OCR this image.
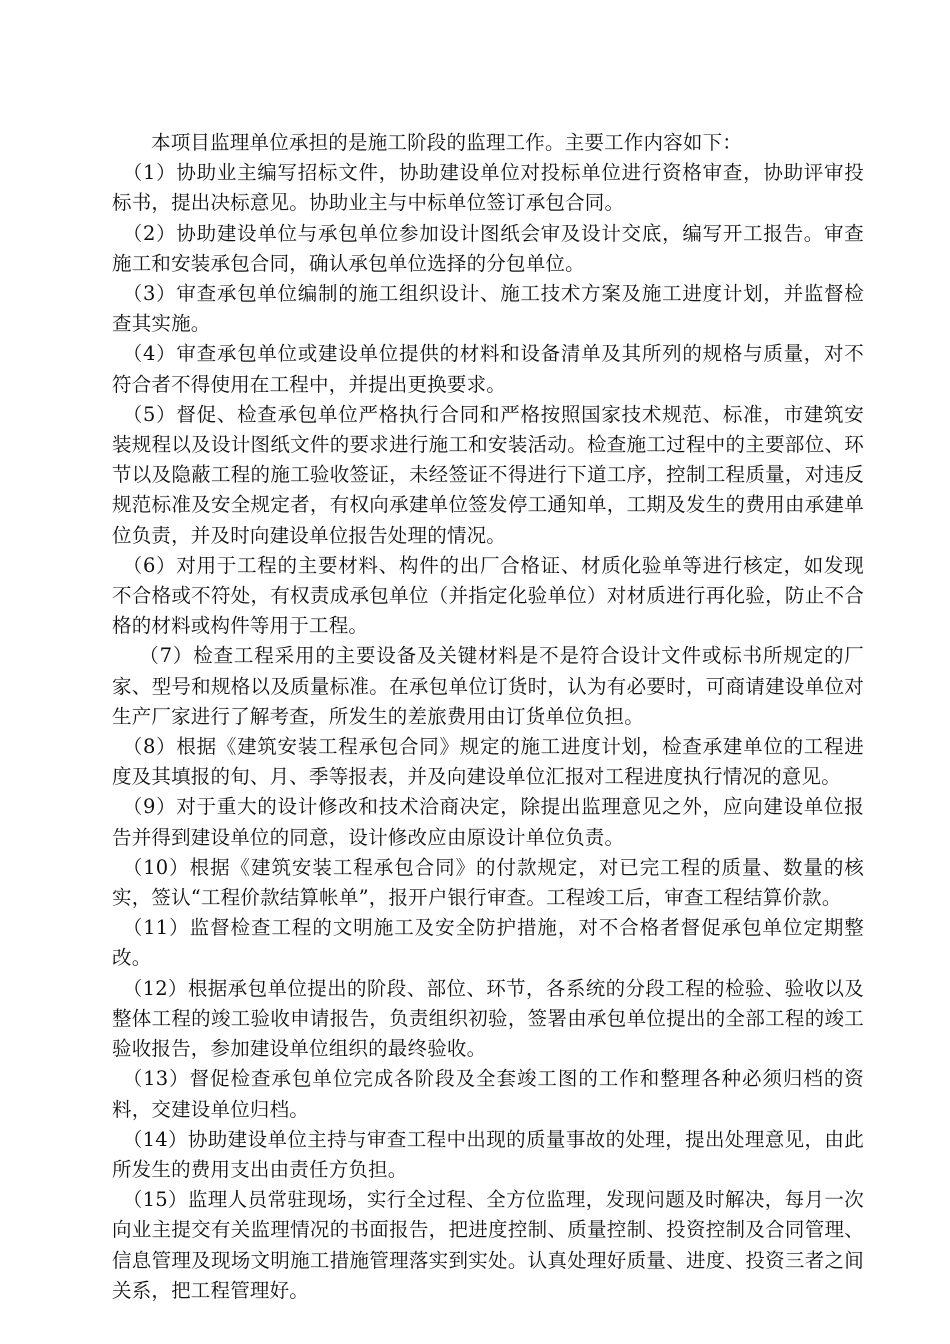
本项目监理单位承担的是施工阶段的监理工作。主要工作内容如下：

（1）协助业主编写招标文件，协助建设单位对投标单位进行资格审查，协助评审投标书，提出决标意见。协助业主与中标单位签订承包合同。

（2）协助建设单位与承包单位参加设计图纸会审及设计交底，编写开工报告。审查施工和安装承包合同，确认承包单位选择的分包单位。

（3）审查承包单位编制的施工组织设计、施工技术方案及施工进度计划，并监督检查其实施。

（4）审查承包单位或建设单位提供的材料和设备清单及其所列的规格与质量，对不符合者不得使用在工程中，并提出更换要求。

（5）督促、检查承包单位严格执行合同和严格按照国家技术规范、标准，市建筑安装规程以及设计图纸文件的要求进行施工和安装活动。检查施工过程中的主要部位、环节以及隐蔽工程的施工验收签证，未经签证不得进行下道工序，控制工程质量，对违反规范标准及安全规定者，有权向承建单位签发停工通知单，工期及发生的费用由承建单位负责，并及时向建设单位报告处理的情况。

（6）对用于工程的主要材料、构件的出厂合格证、材质化验单等进行核定，如发现不合格或不符处，有权责成承包单位（并指定化验单位）对材质进行再化验，防止不合格的材料或构件等用于工程。

（7）检查工程采用的主要设备及关键材料是不是符合设计文件或标书所规定的厂家、型号和规格以及质量标准。在承包单位订货时，认为有必要时，可商请建设单位对生产厂家进行了解考查，所发生的差旅费用由订货单位负担。

（8）根据《建筑安装工程承包合同》规定的施工进度计划，检查承建单位的工程进度及其填报的旬、月、季等报表，并及向建设单位汇报对工程进度执行情况的意见。

（9）对于重大的设计修改和技术洽商决定，除提出监理意见之外，应向建设单位报告并得到建设单位的同意，设计修改应由原设计单位负责。

（10）根据《建筑安装工程承包合同》的付款规定，对已完工程的质量、数量的核实，签认“工程价款结算帐单”，报开户银行审查。工程竣工后，审查工程结算价款。

（11）监督检查工程的文明施工及安全防护措施，对不合格者督促承包单位定期整改。

（12）根据承包单位提出的阶段、部位、环节，各系统的分段工程的检验、验收以及整体工程的竣工验收申请报告，负责组织初验，签署由承包单位提出的全部工程的竣工验收报告，参加建设单位组织的最终验收。

（13）督促检查承包单位完成各阶段及全套竣工图的工作和整理各种必须归档的资料，交建设单位归档。

（14）协助建设单位主持与审查工程中出现的质量事故的处理，提出处理意见，由此所发生的费用支出由责任方负担。

（15）监理人员常驻现场，实行全过程、全方位监理，发现问题及时解决，每月一次向业主提交有关监理情况的书面报告，把进度控制、质量控制、投资控制及合同管理、信息管理及现场文明施工措施管理落实到实处。认真处理好质量、进度、投资三者之间关系，把工程管理好。
